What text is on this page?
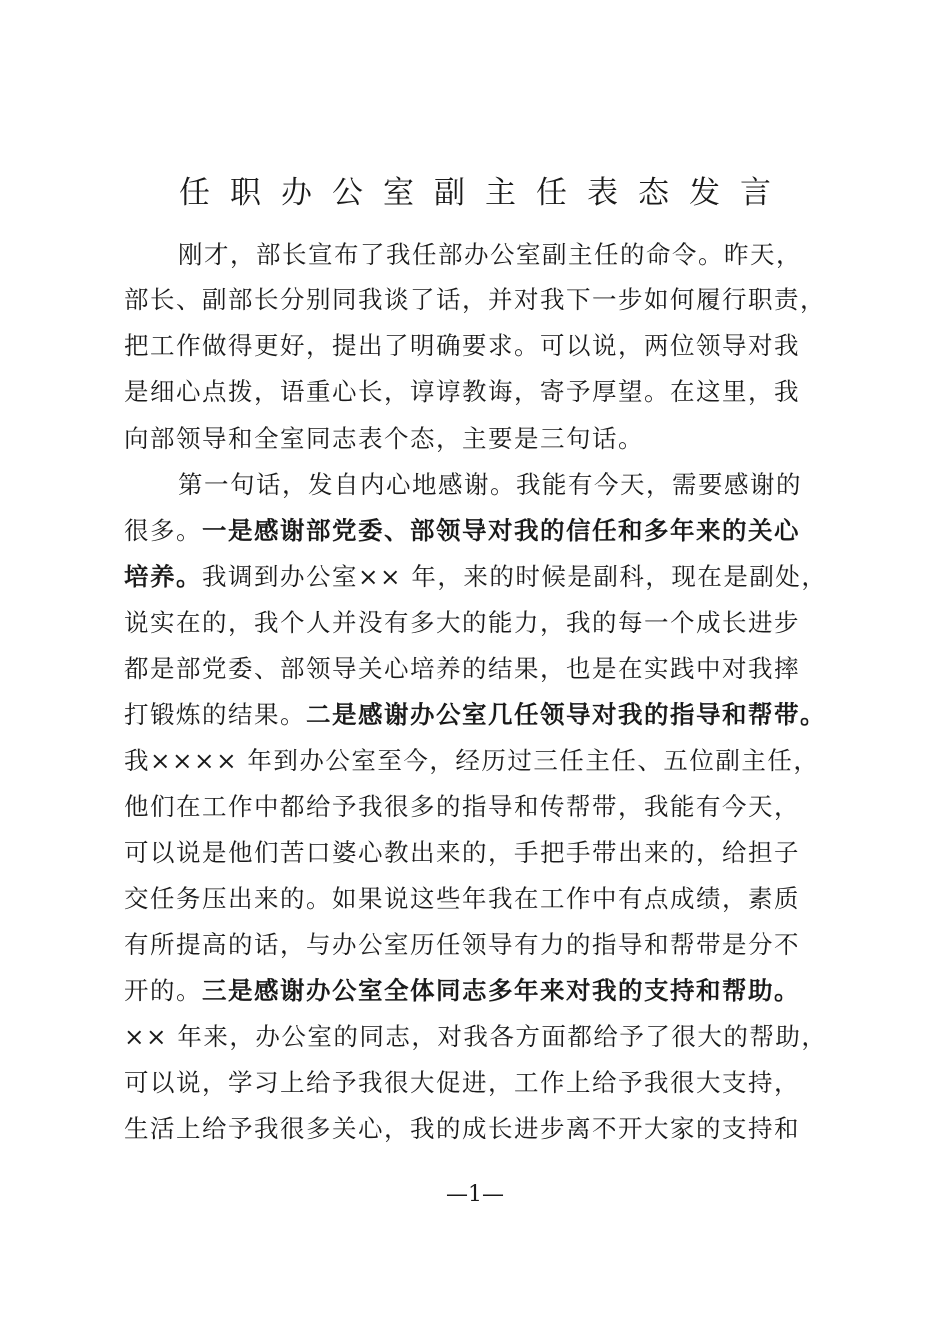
任职办公室副主任表态发言
刚才，部长宣布了我任部办公室副主任的命令。昨天，
部长、副部长分别同我谈了话，并对我下一步如何履行职责，
把工作做得更好，提出了明确要求。可以说，两位领导对我
是细心点拨，语重心长，谆谆教诲，寄予厚望。在这里，我
向部领导和全室同志表个态，主要是三句话。
第一句话，发自内心地感谢。我能有今天，需要感谢的
很多。一是感谢部党委、部领导对我的信任和多年来的关心
培养。我调到办公室×× 年，来的时候是副科，现在是副处，
说实在的，我个人并没有多大的能力，我的每一个成长进步
都是部党委、部领导关心培养的结果，也是在实践中对我摔
打锻炼的结果。二是感谢办公室几任领导对我的指导和帮带。
我×××× 年到办公室至今，经历过三任主任、五位副主任，
他们在工作中都给予我很多的指导和传帮带，我能有今天，
可以说是他们苦口婆心教出来的，手把手带出来的，给担子
交任务压出来的。如果说这些年我在工作中有点成绩，素质
有所提高的话，与办公室历任领导有力的指导和帮带是分不
开的。三是感谢办公室全体同志多年来对我的支持和帮助。
×× 年来，办公室的同志，对我各方面都给予了很大的帮助，
可以说，学习上给予我很大促进，工作上给予我很大支持，
生活上给予我很多关心，我的成长进步离不开大家的支持和
—1—
